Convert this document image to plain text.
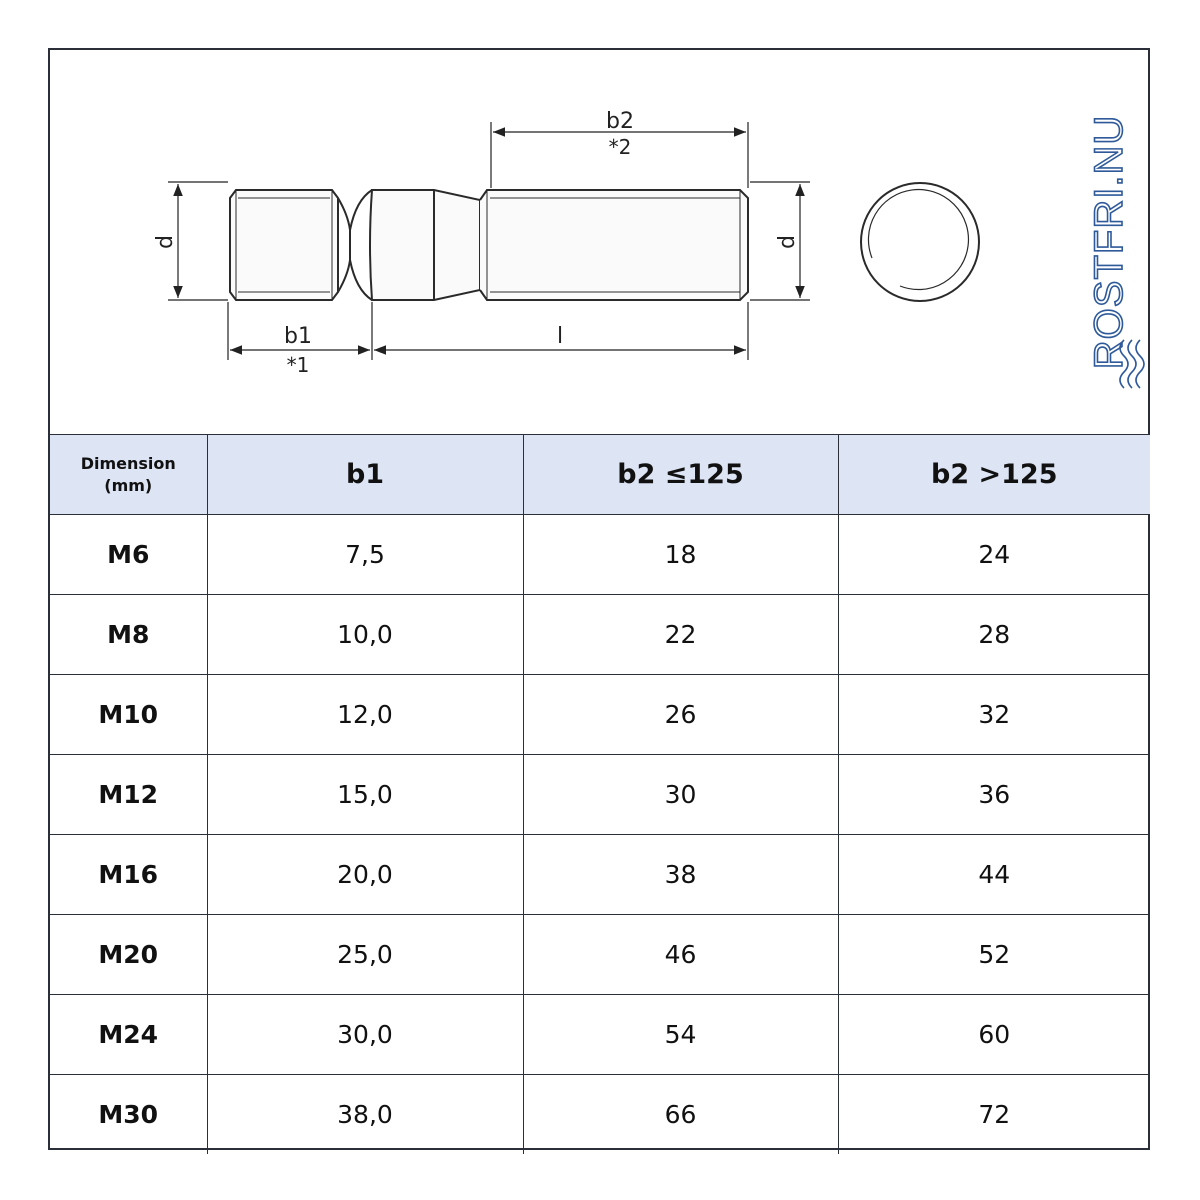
b2
*2
b1
*1
l
d	d	ROSTFRI.NU
Dimension
(mm)	b1	b2 ≤125	b2 >125
M6	7,5	18	24
M8	10,0	22	28
M10	12,0	26	32
M12	15,0	30	36
M16	20,0	38	44
M20	25,0	46	52
M24	30,0	54	60
M30	38,0	66	72
